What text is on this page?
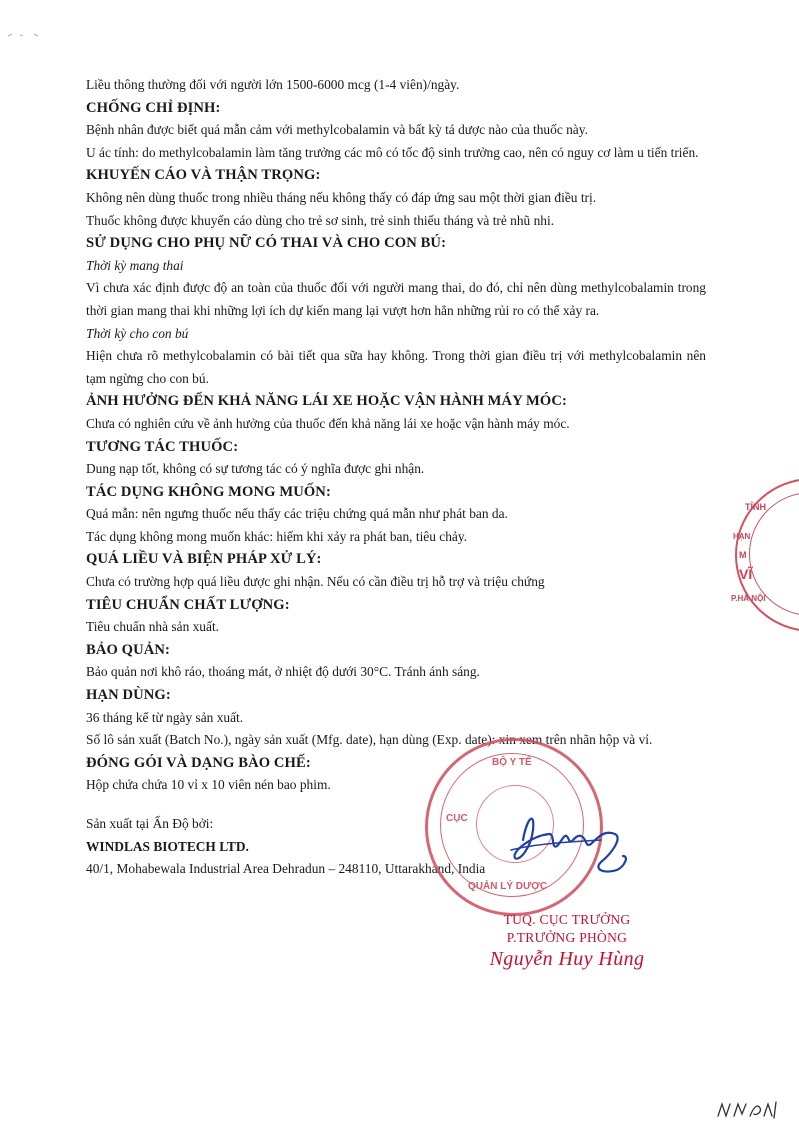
Liều thông thường đối với người lớn 1500-6000 mcg (1-4 viên)/ngày.

CHỐNG CHỈ ĐỊNH:

Bệnh nhân được biết quá mẫn cảm với methylcobalamin và bất kỳ tá dược nào của thuốc này.

U ác tính: do methylcobalamin làm tăng trưởng các mô có tốc độ sinh trưởng cao, nên có nguy cơ làm u tiến triển.

KHUYẾN CÁO VÀ THẬN TRỌNG:

Không nên dùng thuốc trong nhiều tháng nếu không thấy có đáp ứng sau một thời gian điều trị.

Thuốc không được khuyến cáo dùng cho trẻ sơ sinh, trẻ sinh thiếu tháng và trẻ nhũ nhi.

SỬ DỤNG CHO PHỤ NỮ CÓ THAI VÀ CHO CON BÚ:

Thời kỳ mang thai

Vì chưa xác định được độ an toàn của thuốc đối với người mang thai, do đó, chỉ nên dùng methylcobalamin trong thời gian mang thai khi những lợi ích dự kiến mang lại vượt hơn hẳn những rủi ro có thể xảy ra.

Thời kỳ cho con bú

Hiện chưa rõ methylcobalamin có bài tiết qua sữa hay không. Trong thời gian điều trị với methylcobalamin nên tạm ngừng cho con bú.

ẢNH HƯỞNG ĐẾN KHẢ NĂNG LÁI XE HOẶC VẬN HÀNH MÁY MÓC:

Chưa có nghiên cứu về ảnh hưởng của thuốc đến khả năng lái xe hoặc vận hành máy móc.

TƯƠNG TÁC THUỐC:

Dung nạp tốt, không có sự tương tác có ý nghĩa được ghi nhận.

TÁC DỤNG KHÔNG MONG MUỐN:

Quá mẫn: nên ngưng thuốc nếu thấy các triệu chứng quá mẫn như phát ban da.

Tác dụng không mong muốn khác: hiếm khi xảy ra phát ban, tiêu chảy.

QUÁ LIỀU VÀ BIỆN PHÁP XỬ LÝ:

Chưa có trường hợp quá liều được ghi nhận. Nếu có cần điều trị hỗ trợ và triệu chứng

TIÊU CHUẨN CHẤT LƯỢNG:

Tiêu chuẩn nhà sản xuất.

BẢO QUẢN:

Bảo quản nơi khô ráo, thoáng mát, ở nhiệt độ dưới 30°C. Tránh ánh sáng.

HẠN DÙNG:

36 tháng kể từ ngày sản xuất.

Số lô sản xuất (Batch No.), ngày sản xuất (Mfg. date), hạn dùng (Exp. date): xin xem trên nhãn hộp và vỉ.

ĐÓNG GÓI VÀ DẠNG BÀO CHẾ:

Hộp chứa chứa 10 vỉ x 10 viên nén bao phim.

Sản xuất tại Ấn Độ bởi:

WINDLAS BIOTECH LTD.

40/1, Mohabewala Industrial Area Dehradun – 248110, Uttarakhand, India

TỈNH
HẠN
M
VĨ
P.HÀ NỘI
BỘ Y TẾ
CỤC
QUẢN LÝ DƯỢC
TUQ. CỤC TRƯỞNG
P.TRƯỞNG PHÒNG
Nguyễn Huy Hùng
